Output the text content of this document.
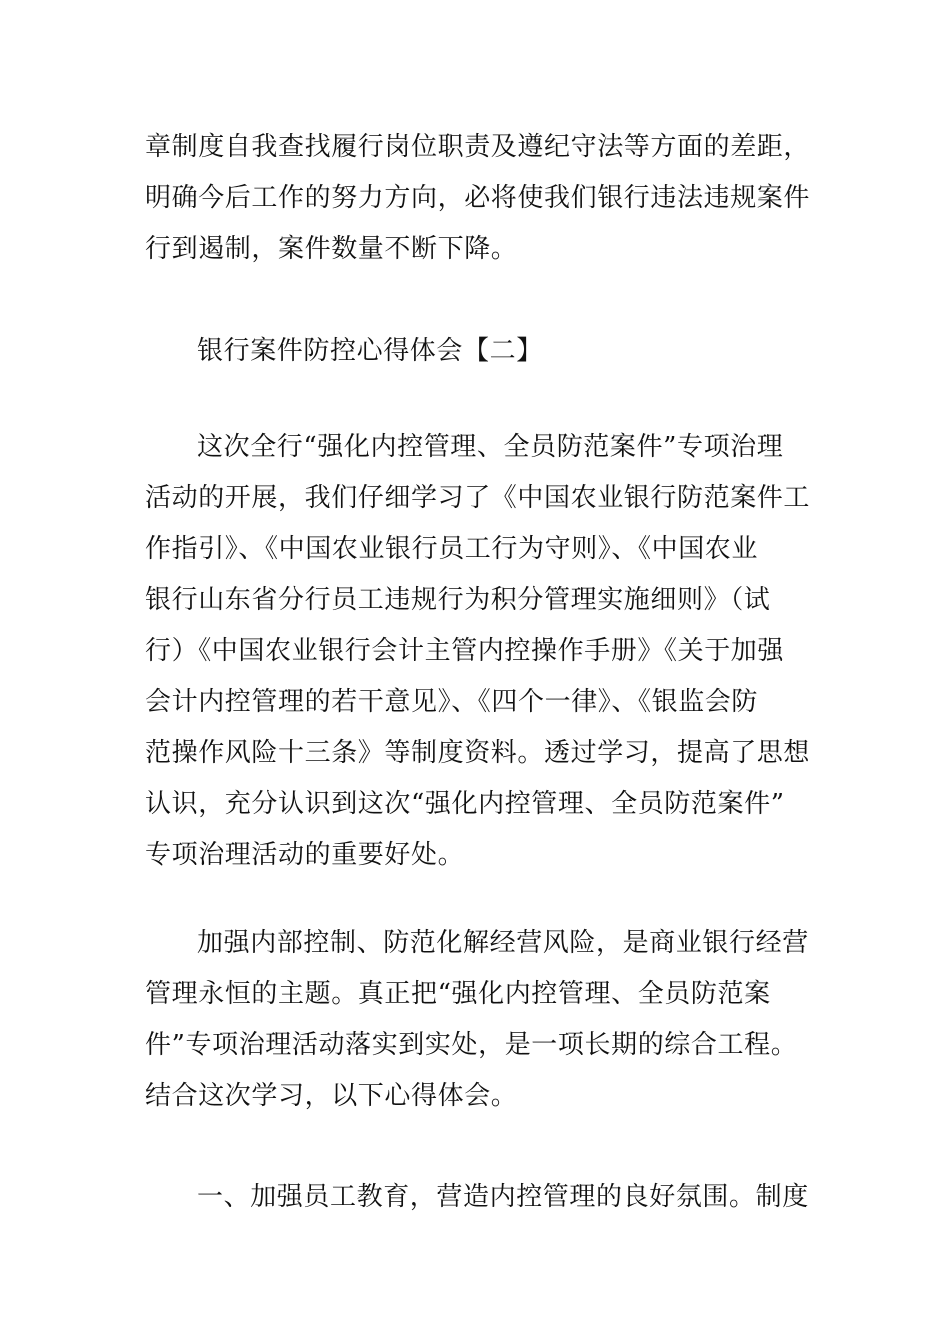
章制度自我查找履行岗位职责及遵纪守法等方面的差距，
明确今后工作的努力方向，必将使我们银行违法违规案件
行到遏制，案件数量不断下降。

银行案件防控心得体会【二】

这次全行“强化内控管理、全员防范案件”专项治理
活动的开展，我们仔细学习了《中国农业银行防范案件工
作指引》、《中国农业银行员工行为守则》、《中国农业
银行山东省分行员工违规行为积分管理实施细则》（试
行）《中国农业银行会计主管内控操作手册》《关于加强
会计内控管理的若干意见》、《四个一律》、《银监会防
范操作风险十三条》等制度资料。透过学习，提高了思想
认识，充分认识到这次“强化内控管理、全员防范案件”
专项治理活动的重要好处。

加强内部控制、防范化解经营风险，是商业银行经营
管理永恒的主题。真正把“强化内控管理、全员防范案
件”专项治理活动落实到实处，是一项长期的综合工程。
结合这次学习，以下心得体会。

一、加强员工教育，营造内控管理的良好氛围。制度
